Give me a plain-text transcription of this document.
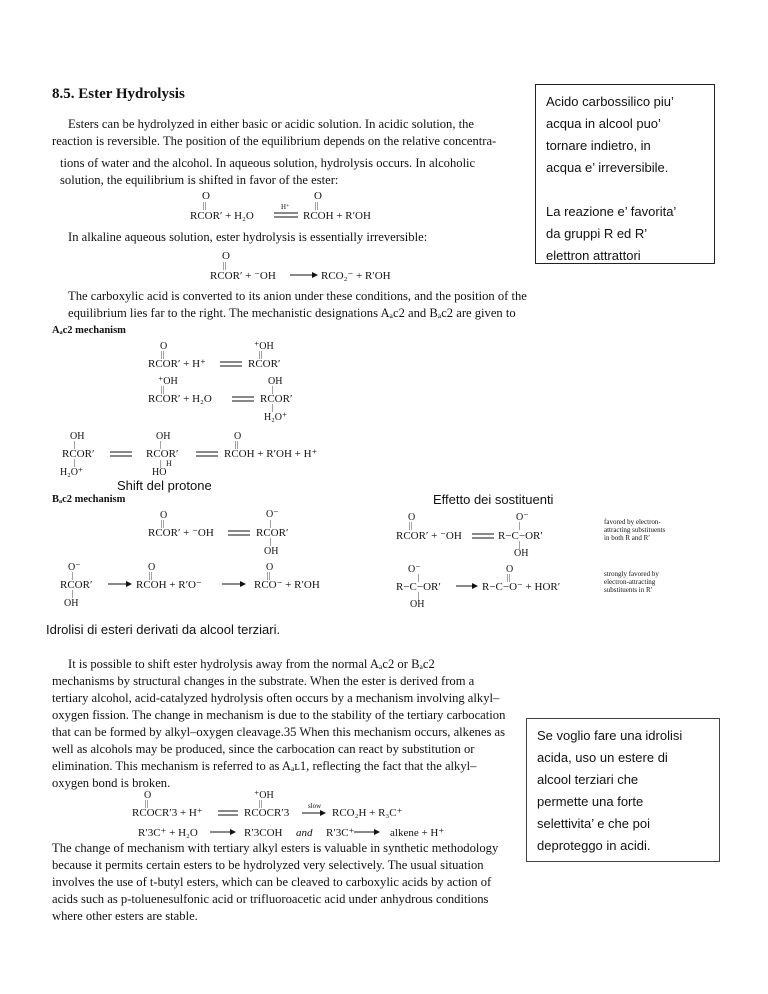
8.5. Ester Hydrolysis
Esters can be hydrolyzed in either basic or acidic solution. In acidic solution, the
reaction is reversible. The position of the equilibrium depends on the relative concentra-
tions of water and the alcohol. In aqueous solution, hydrolysis occurs. In alcoholic
solution, the equilibrium is shifted in favor of the ester:
Acido carbossilico piu’
acqua in alcool puo’
tornare indietro, in
acqua e’ irreversibile.
La reazione e’ favorita’
da gruppi R ed R’
elettron attrattori
O
||
RCOR′ + H₂O
H⁺
O
||
RCOH + R′OH
In alkaline aqueous solution, ester hydrolysis is essentially irreversible:
O
||
RCOR′ + ⁻OH	RCO₂⁻ + R′OH
The carboxylic acid is converted to its anion under these conditions, and the position of the
equilibrium lies far to the right. The mechanistic designations Aₐc2 and Bₐc2 are given to
Aₐc2 mechanism
O
||
RCOR′ + H⁺
⁺OH
||
RCOR′
⁺OH
||
RCOR′ + H₂O
OH
|
RCOR′
|
H₂O⁺
OH
|
RCOR′
|
H₂O⁺
OH
|
RCOR′
| H
HO
O
||
RCOH + R′OH + H⁺
Shift del protone
Bₐc2 mechanism	Effetto dei sostituenti
O
||
RCOR′ + ⁻OH
O⁻
|
RCOR′
|
OH
O⁻
|
RCOR′
|
OH
O
||
RCOH + R′O⁻
O
||
RCO⁻ + R′OH
O
||
RCOR′ + ⁻OH
O⁻
|
R−C−OR′
|
OH
favored by electron-
attracting substituents
in both R and R′
O⁻
|
R−C−OR′
|
OH
O
||
R−C−O⁻ + HOR′
strongly favored by
electron-attracting
substituents in R′
Idrolisi di esteri derivati da alcool terziari.
It is possible to shift ester hydrolysis away from the normal Aₐc2 or Bₐc2
mechanisms by structural changes in the substrate. When the ester is derived from a
tertiary alcohol, acid-catalyzed hydrolysis often occurs by a mechanism involving alkyl–
oxygen fission. The change in mechanism is due to the stability of the tertiary carbocation
that can be formed by alkyl–oxygen cleavage.35 When this mechanism occurs, alkenes as
well as alcohols may be produced, since the carbocation can react by substitution or
elimination. This mechanism is referred to as Aₐʟ1, reflecting the fact that the alkyl–
oxygen bond is broken.
Se voglio fare una idrolisi
acida, uso un estere di
alcool terziari che
permette una forte
selettivita’ e che poi
deproteggo in acidi.
O
||
RCOCR′3 + H⁺
⁺OH
||
RCOCR′3
slow
RCO₂H + R₃C⁺
R′3C⁺ + H₂O	R′3COH and R′3C⁺	alkene + H⁺
The change of mechanism with tertiary alkyl esters is valuable in synthetic methodology
because it permits certain esters to be hydrolyzed very selectively. The usual situation
involves the use of t-butyl esters, which can be cleaved to carboxylic acids by action of
acids such as p-toluenesulfonic acid or trifluoroacetic acid under anhydrous conditions
where other esters are stable.
